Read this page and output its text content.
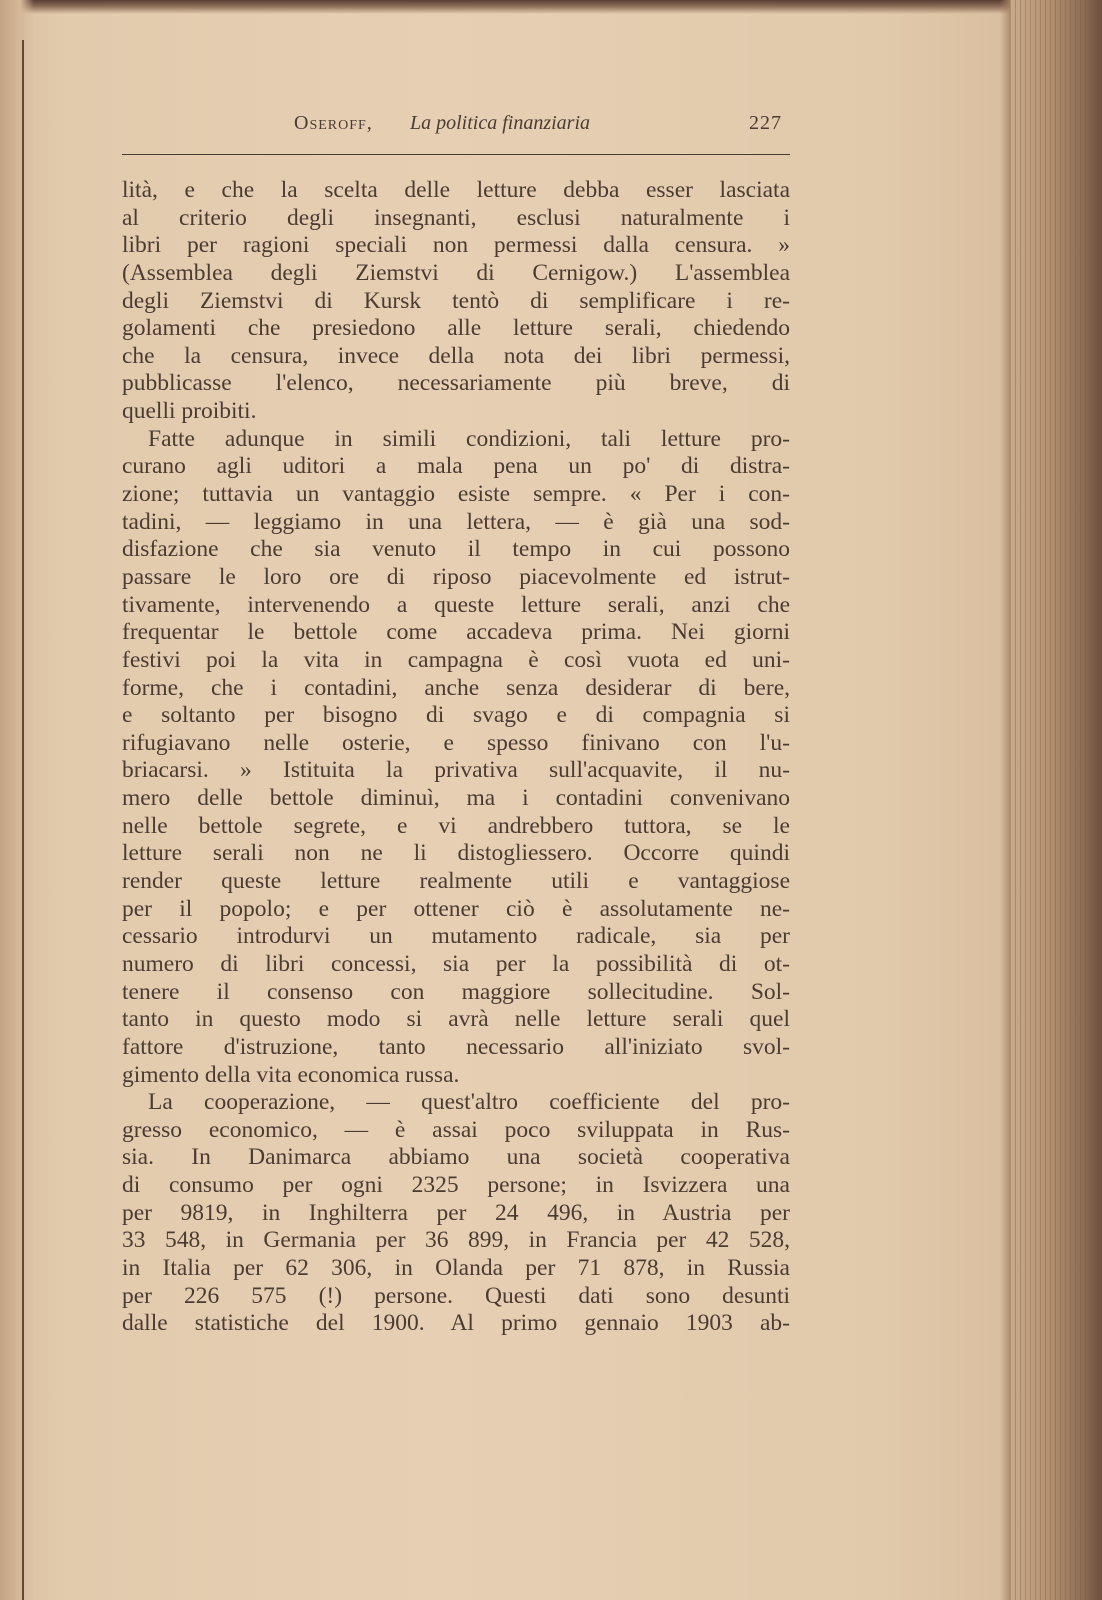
Oseroff, La politica finanziaria	227
lità, e che la scelta delle letture debba esser lasciata
al criterio degli insegnanti, esclusi naturalmente i
libri per ragioni speciali non permessi dalla censura. »
(Assemblea degli Ziemstvi di Cernigow.) L'assemblea
degli Ziemstvi di Kursk tentò di semplificare i re-
golamenti che presiedono alle letture serali, chiedendo
che la censura, invece della nota dei libri permessi,
pubblicasse l'elenco, necessariamente più breve, di
quelli proibiti.
Fatte adunque in simili condizioni, tali letture pro-
curano agli uditori a mala pena un po' di distra-
zione; tuttavia un vantaggio esiste sempre. « Per i con-
tadini, — leggiamo in una lettera, — è già una sod-
disfazione che sia venuto il tempo in cui possono
passare le loro ore di riposo piacevolmente ed istrut-
tivamente, intervenendo a queste letture serali, anzi che
frequentar le bettole come accadeva prima. Nei giorni
festivi poi la vita in campagna è così vuota ed uni-
forme, che i contadini, anche senza desiderar di bere,
e soltanto per bisogno di svago e di compagnia si
rifugiavano nelle osterie, e spesso finivano con l'u-
briacarsi. » Istituita la privativa sull'acquavite, il nu-
mero delle bettole diminuì, ma i contadini convenivano
nelle bettole segrete, e vi andrebbero tuttora, se le
letture serali non ne li distogliessero. Occorre quindi
render queste letture realmente utili e vantaggiose
per il popolo; e per ottener ciò è assolutamente ne-
cessario introdurvi un mutamento radicale, sia per
numero di libri concessi, sia per la possibilità di ot-
tenere il consenso con maggiore sollecitudine. Sol-
tanto in questo modo si avrà nelle letture serali quel
fattore d'istruzione, tanto necessario all'iniziato svol-
gimento della vita economica russa.
La cooperazione, — quest'altro coefficiente del pro-
gresso economico, — è assai poco sviluppata in Rus-
sia. In Danimarca abbiamo una società cooperativa
di consumo per ogni 2325 persone; in Isvizzera una
per 9819, in Inghilterra per 24 496, in Austria per
33 548, in Germania per 36 899, in Francia per 42 528,
in Italia per 62 306, in Olanda per 71 878, in Russia
per 226 575 (!) persone. Questi dati sono desunti
dalle statistiche del 1900. Al primo gennaio 1903 ab-
